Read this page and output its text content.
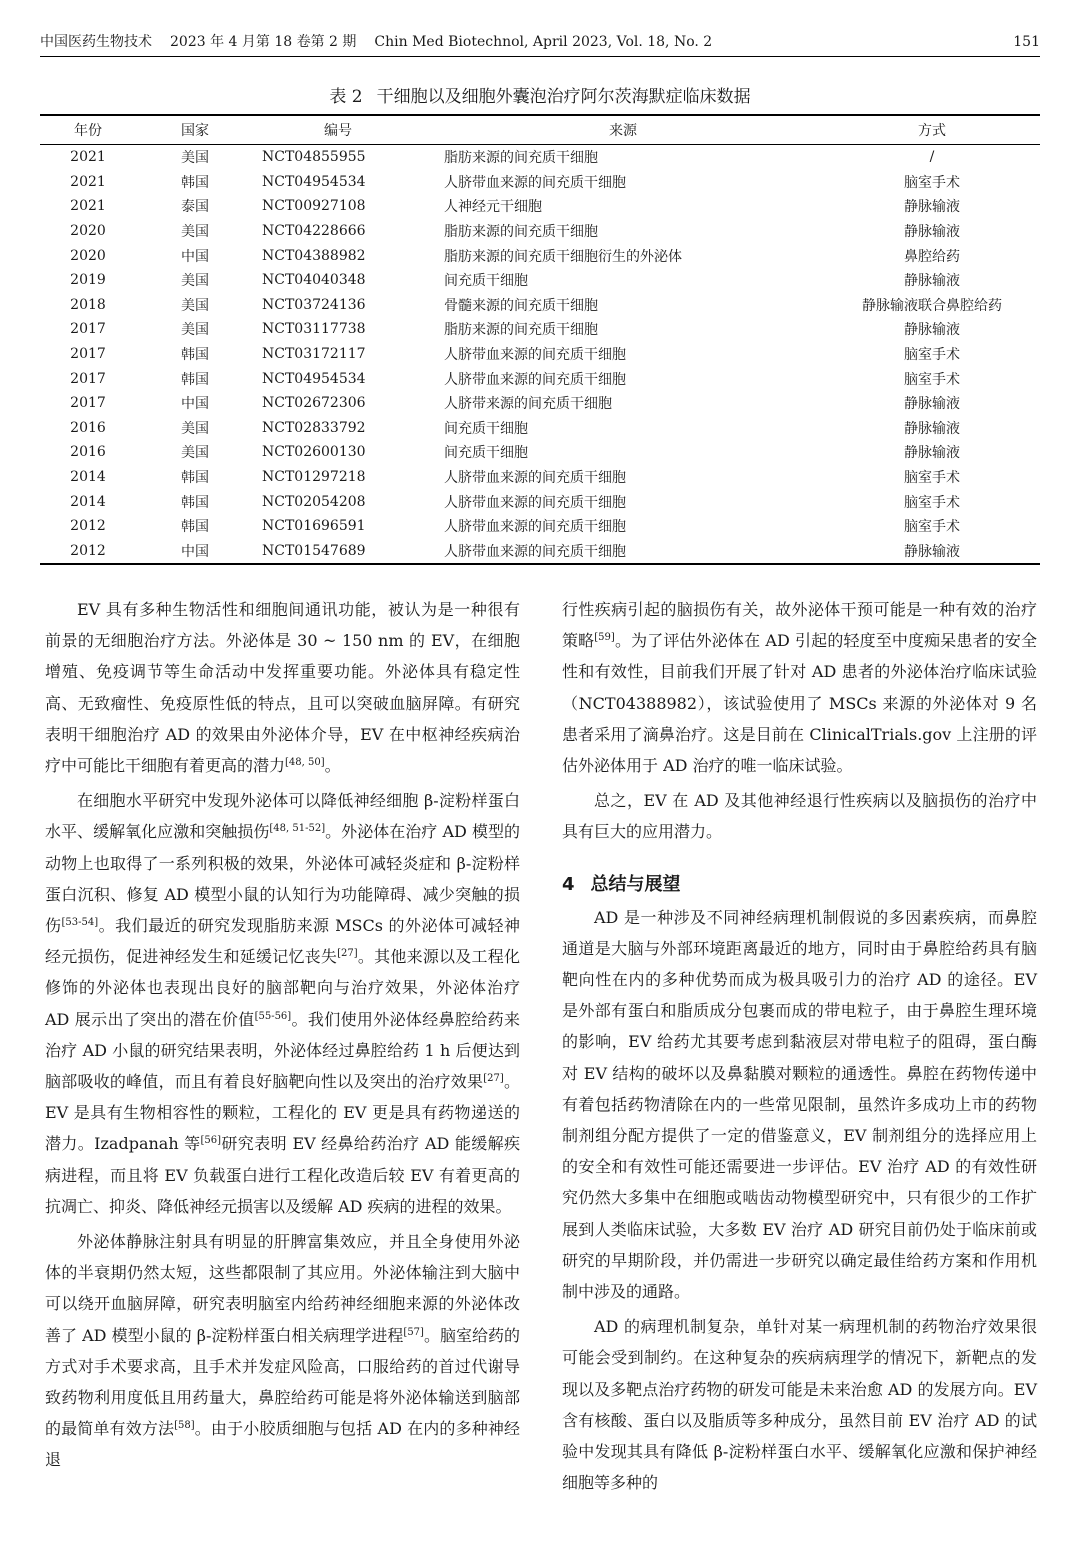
中国医药生物技术 2023 年 4 月第 18 卷第 2 期 Chin Med Biotechnol, April 2023, Vol. 18, No. 2	151
表 2 干细胞以及细胞外囊泡治疗阿尔茨海默症临床数据
年份	国家	编号	来源	方式
2021	美国	NCT04855955	脂肪来源的间充质干细胞	/
2021	韩国	NCT04954534	人脐带血来源的间充质干细胞	脑室手术
2021	泰国	NCT00927108	人神经元干细胞	静脉输液
2020	美国	NCT04228666	脂肪来源的间充质干细胞	静脉输液
2020	中国	NCT04388982	脂肪来源的间充质干细胞衍生的外泌体	鼻腔给药
2019	美国	NCT04040348	间充质干细胞	静脉输液
2018	美国	NCT03724136	骨髓来源的间充质干细胞	静脉输液联合鼻腔给药
2017	美国	NCT03117738	脂肪来源的间充质干细胞	静脉输液
2017	韩国	NCT03172117	人脐带血来源的间充质干细胞	脑室手术
2017	韩国	NCT04954534	人脐带血来源的间充质干细胞	脑室手术
2017	中国	NCT02672306	人脐带来源的间充质干细胞	静脉输液
2016	美国	NCT02833792	间充质干细胞	静脉输液
2016	美国	NCT02600130	间充质干细胞	静脉输液
2014	韩国	NCT01297218	人脐带血来源的间充质干细胞	脑室手术
2014	韩国	NCT02054208	人脐带血来源的间充质干细胞	脑室手术
2012	韩国	NCT01696591	人脐带血来源的间充质干细胞	脑室手术
2012	中国	NCT01547689	人脐带血来源的间充质干细胞	静脉输液

EV 具有多种生物活性和细胞间通讯功能，被认为是一种很有前景的无细胞治疗方法。外泌体是 30 ~ 150 nm 的 EV，在细胞增殖、免疫调节等生命活动中发挥重要功能。外泌体具有稳定性高、无致瘤性、免疫原性低的特点，且可以突破血脑屏障。有研究表明干细胞治疗 AD 的效果由外泌体介导，EV 在中枢神经疾病治疗中可能比干细胞有着更高的潜力[48, 50]。

在细胞水平研究中发现外泌体可以降低神经细胞 β-淀粉样蛋白水平、缓解氧化应激和突触损伤[48, 51-52]。外泌体在治疗 AD 模型的动物上也取得了一系列积极的效果，外泌体可减轻炎症和 β-淀粉样蛋白沉积、修复 AD 模型小鼠的认知行为功能障碍、减少突触的损伤[53-54]。我们最近的研究发现脂肪来源 MSCs 的外泌体可减轻神经元损伤，促进神经发生和延缓记忆丧失[27]。其他来源以及工程化修饰的外泌体也表现出良好的脑部靶向与治疗效果，外泌体治疗 AD 展示出了突出的潜在价值[55-56]。我们使用外泌体经鼻腔给药来治疗 AD 小鼠的研究结果表明，外泌体经过鼻腔给药 1 h 后便达到脑部吸收的峰值，而且有着良好脑靶向性以及突出的治疗效果[27]。EV 是具有生物相容性的颗粒，工程化的 EV 更是具有药物递送的潜力。Izadpanah 等[56]研究表明 EV 经鼻给药治疗 AD 能缓解疾病进程，而且将 EV 负载蛋白进行工程化改造后较 EV 有着更高的抗凋亡、抑炎、降低神经元损害以及缓解 AD 疾病的进程的效果。

外泌体静脉注射具有明显的肝脾富集效应，并且全身使用外泌体的半衰期仍然太短，这些都限制了其应用。外泌体输注到大脑中可以绕开血脑屏障，研究表明脑室内给药神经细胞来源的外泌体改善了 AD 模型小鼠的 β-淀粉样蛋白相关病理学进程[57]。脑室给药的方式对手术要求高，且手术并发症风险高，口服给药的首过代谢导致药物利用度低且用药量大，鼻腔给药可能是将外泌体输送到脑部的最简单有效方法[58]。由于小胶质细胞与包括 AD 在内的多种神经退

行性疾病引起的脑损伤有关，故外泌体干预可能是一种有效的治疗策略[59]。为了评估外泌体在 AD 引起的轻度至中度痴呆患者的安全性和有效性，目前我们开展了针对 AD 患者的外泌体治疗临床试验（NCT04388982），该试验使用了 MSCs 来源的外泌体对 9 名患者采用了滴鼻治疗。这是目前在 ClinicalTrials.gov 上注册的评估外泌体用于 AD 治疗的唯一临床试验。

总之，EV 在 AD 及其他神经退行性疾病以及脑损伤的治疗中具有巨大的应用潜力。

4 总结与展望

AD 是一种涉及不同神经病理机制假说的多因素疾病，而鼻腔通道是大脑与外部环境距离最近的地方，同时由于鼻腔给药具有脑靶向性在内的多种优势而成为极具吸引力的治疗 AD 的途径。EV 是外部有蛋白和脂质成分包裹而成的带电粒子，由于鼻腔生理环境的影响，EV 给药尤其要考虑到黏液层对带电粒子的阻碍，蛋白酶对 EV 结构的破坏以及鼻黏膜对颗粒的通透性。鼻腔在药物传递中有着包括药物清除在内的一些常见限制，虽然许多成功上市的药物制剂组分配方提供了一定的借鉴意义，EV 制剂组分的选择应用上的安全和有效性可能还需要进一步评估。EV 治疗 AD 的有效性研究仍然大多集中在细胞或啮齿动物模型研究中，只有很少的工作扩展到人类临床试验，大多数 EV 治疗 AD 研究目前仍处于临床前或研究的早期阶段，并仍需进一步研究以确定最佳给药方案和作用机制中涉及的通路。

AD 的病理机制复杂，单针对某一病理机制的药物治疗效果很可能会受到制约。在这种复杂的疾病病理学的情况下，新靶点的发现以及多靶点治疗药物的研发可能是未来治愈 AD 的发展方向。EV 含有核酸、蛋白以及脂质等多种成分，虽然目前 EV 治疗 AD 的试验中发现其具有降低 β-淀粉样蛋白水平、缓解氧化应激和保护神经细胞等多种的
